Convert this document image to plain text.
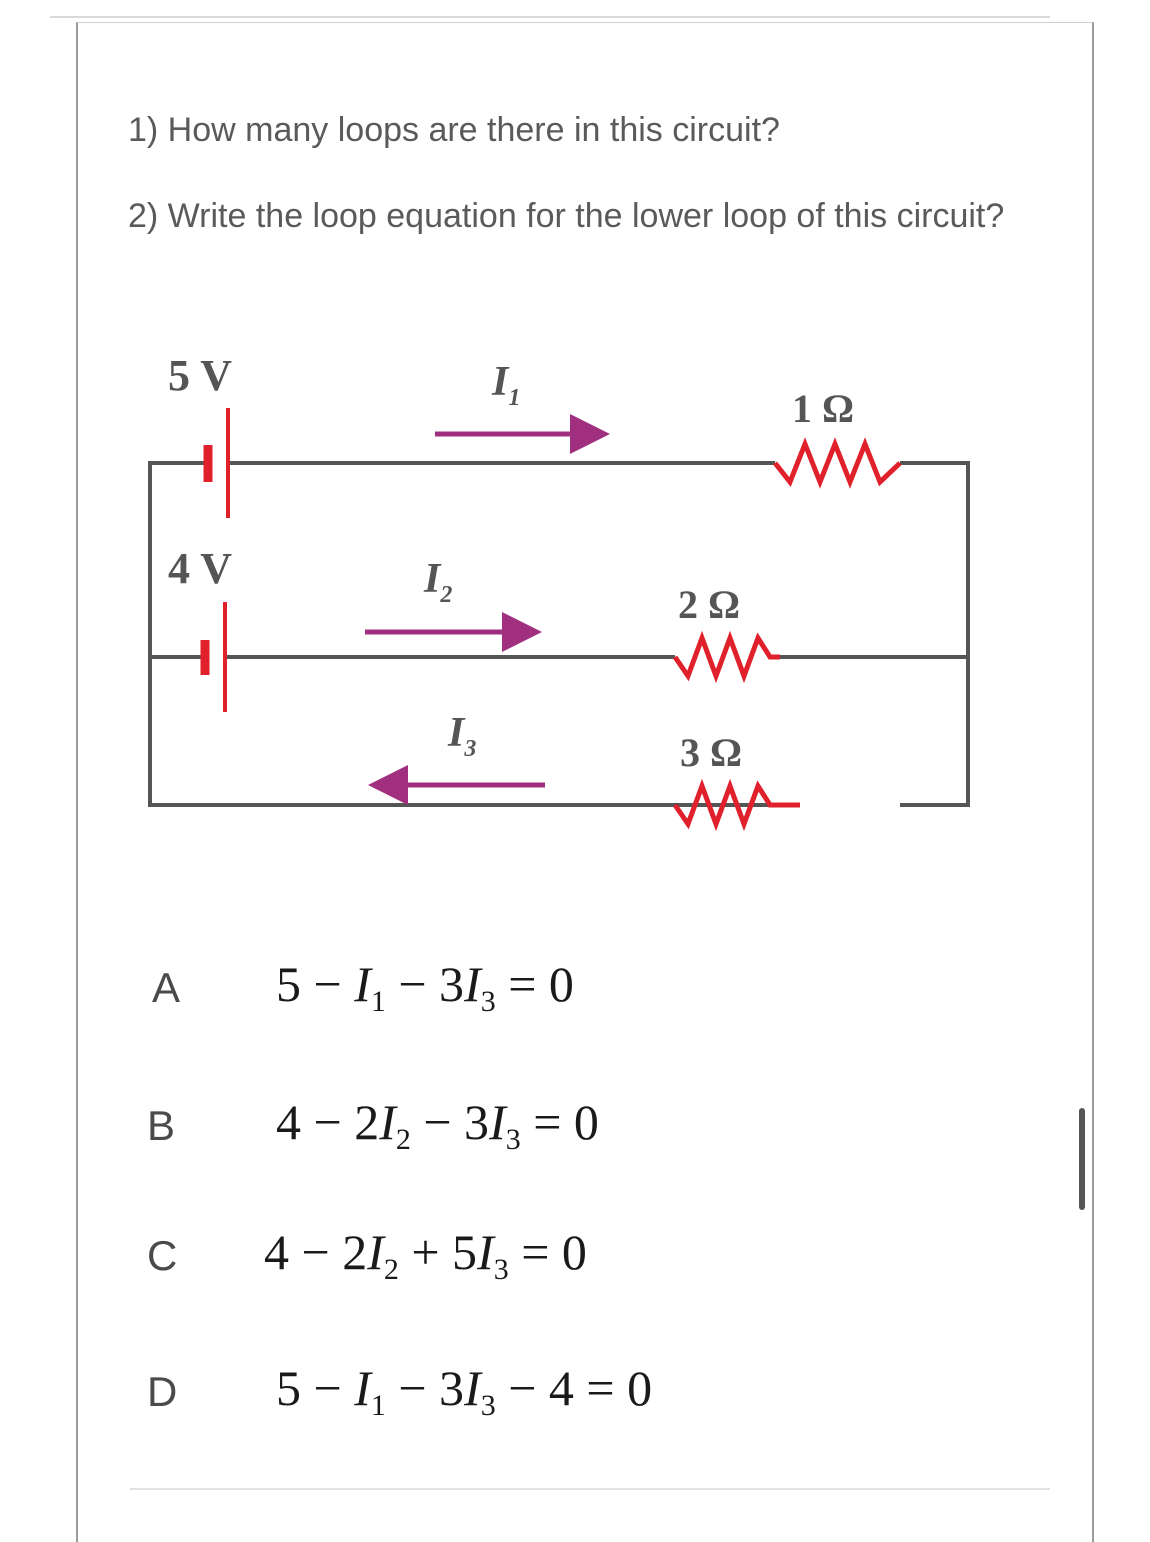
1) How many loops are there in this circuit?
2) Write the loop equation for the lower loop of this circuit?
5 V
4 V
1 Ω
2 Ω
3 Ω
$I_1$
$I_2$
$I_3$
A $5 - I_1 - 3I_3 = 0$
B $4 - 2I_2 - 3I_3 = 0$
C $4 - 2I_2 + 5I_3 = 0$
D $5 - I_1 - 3I_3 - 4 = 0$
